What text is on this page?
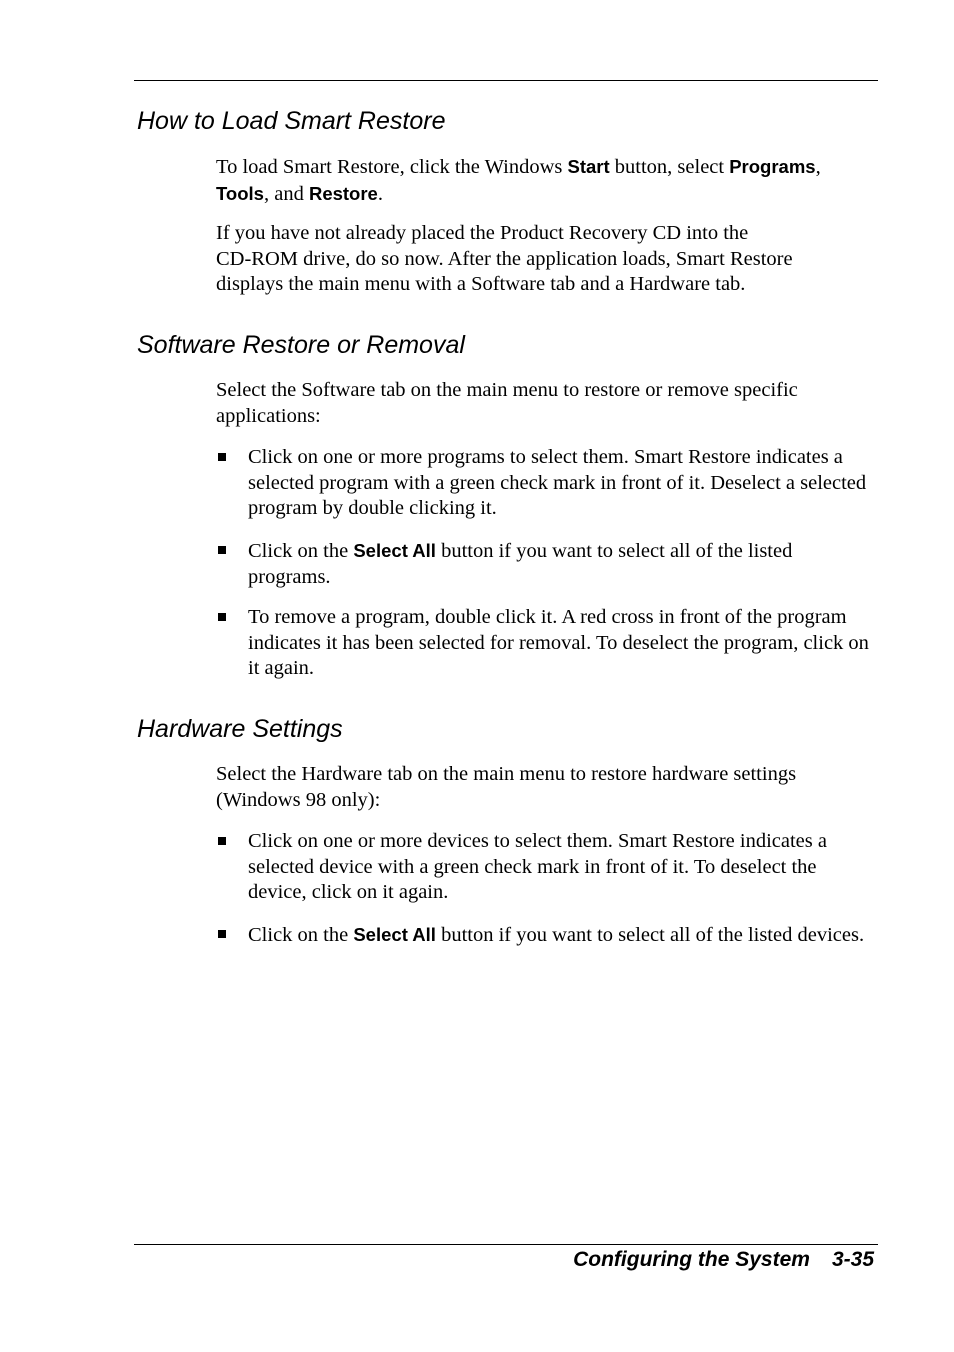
How to Load Smart Restore

To load Smart Restore, click the Windows Start button, select Programs,
Tools, and Restore.

If you have not already placed the Product Recovery CD into the
CD-ROM drive, do so now. After the application loads, Smart Restore
displays the main menu with a Software tab and a Hardware tab.

Software Restore or Removal

Select the Software tab on the main menu to restore or remove specific applications:

Click on one or more programs to select them. Smart Restore indicates a selected program with a green check mark in front of it. Deselect a selected program by double clicking it.

Click on the Select All button if you want to select all of the listed programs.

To remove a program, double click it. A red cross in front of the program indicates it has been selected for removal. To deselect the program, click on it again.

Hardware Settings

Select the Hardware tab on the main menu to restore hardware settings (Windows 98 only):

Click on one or more devices to select them. Smart Restore indicates a selected device with a green check mark in front of it. To deselect the device, click on it again.

Click on the Select All button if you want to select all of the listed devices.

Configuring the System 3-35
